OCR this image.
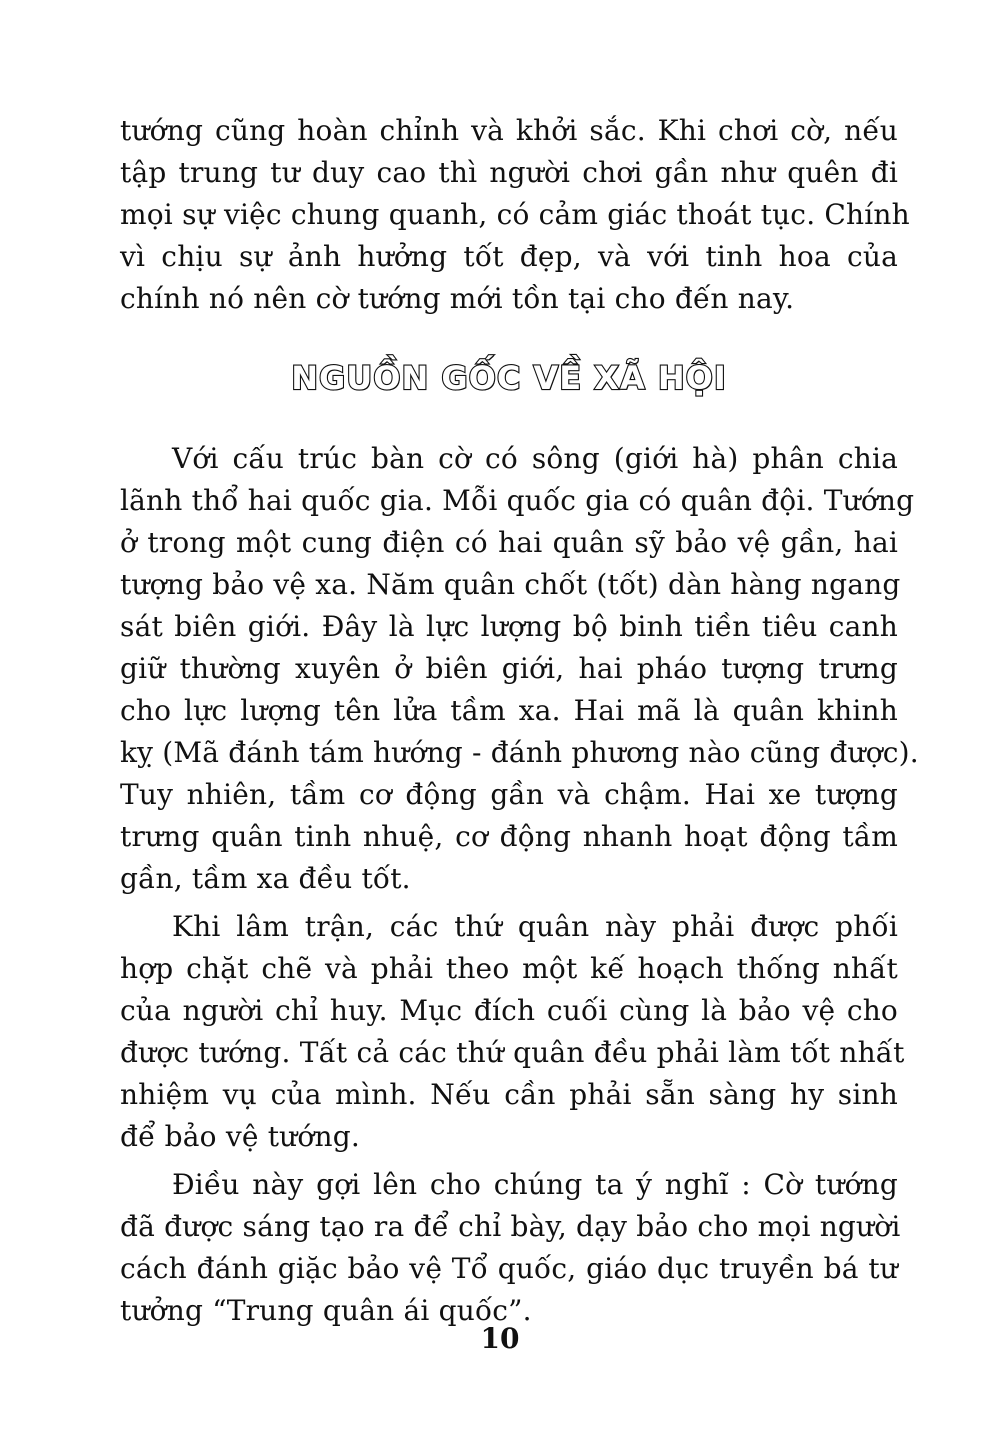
tướng cũng hoàn chỉnh và khởi sắc. Khi chơi cờ, nếu
tập trung tư duy cao thì người chơi gần như quên đi
mọi sự việc chung quanh, có cảm giác thoát tục. Chính
vì chịu sự ảnh hưởng tốt đẹp, và với tinh hoa của
chính nó nên cờ tướng mới tồn tại cho đến nay.
NGUỒN GỐC VỀ XÃ HỘI
Với cấu trúc bàn cờ có sông (giới hà) phân chia
lãnh thổ hai quốc gia. Mỗi quốc gia có quân đội. Tướng
ở trong một cung điện có hai quân sỹ bảo vệ gần, hai
tượng bảo vệ xa. Năm quân chốt (tốt) dàn hàng ngang
sát biên giới. Đây là lực lượng bộ binh tiền tiêu canh
giữ thường xuyên ở biên giới, hai pháo tượng trưng
cho lực lượng tên lửa tầm xa. Hai mã là quân khinh
kỵ (Mã đánh tám hướng - đánh phương nào cũng được).
Tuy nhiên, tầm cơ động gần và chậm. Hai xe tượng
trưng quân tinh nhuệ, cơ động nhanh hoạt động tầm
gần, tầm xa đều tốt.
Khi lâm trận, các thứ quân này phải được phối
hợp chặt chẽ và phải theo một kế hoạch thống nhất
của người chỉ huy. Mục đích cuối cùng là bảo vệ cho
được tướng. Tất cả các thứ quân đều phải làm tốt nhất
nhiệm vụ của mình. Nếu cần phải sẵn sàng hy sinh
để bảo vệ tướng.
Điều này gợi lên cho chúng ta ý nghĩ : Cờ tướng
đã được sáng tạo ra để chỉ bày, dạy bảo cho mọi người
cách đánh giặc bảo vệ Tổ quốc, giáo dục truyền bá tư
tưởng “Trung quân ái quốc”.
10
